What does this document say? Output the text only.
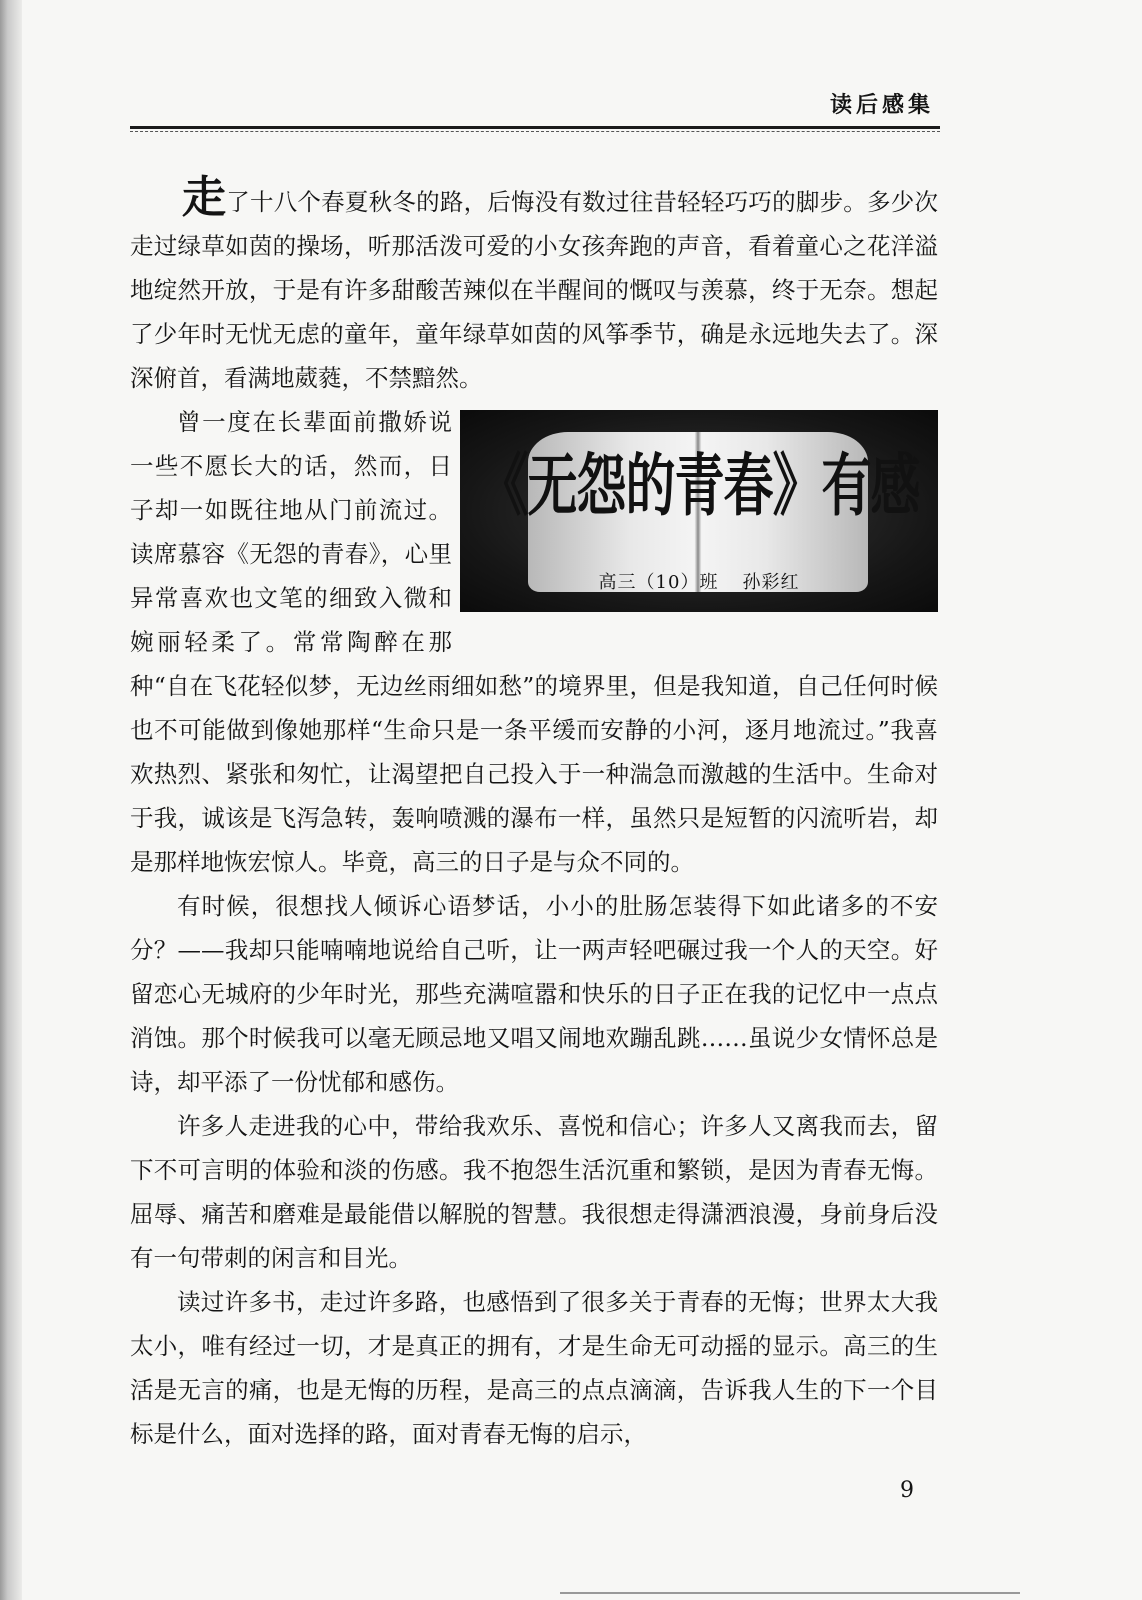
读后感集

走了十八个春夏秋冬的路，后悔没有数过往昔轻轻巧巧的脚步。多少次走过绿草如茵的操场，听那活泼可爱的小女孩奔跑的声音，看着童心之花洋溢地绽然开放，于是有许多甜酸苦辣似在半醒间的慨叹与羡慕，终于无奈。想起了少年时无忧无虑的童年，童年绿草如茵的风筝季节，确是永远地失去了。深深俯首，看满地葳蕤，不禁黯然。

《无怨的青春》有感
高三（10）班 孙彩红

曾一度在长辈面前撒娇说一些不愿长大的话，然而，日子却一如既往地从门前流过。读席慕容《无怨的青春》，心里异常喜欢也文笔的细致入微和婉丽轻柔了。常常陶醉在那种“自在飞花轻似梦，无边丝雨细如愁”的境界里，但是我知道，自己任何时候也不可能做到像她那样“生命只是一条平缓而安静的小河，逐月地流过。”我喜欢热烈、紧张和匆忙，让渴望把自己投入于一种湍急而激越的生活中。生命对于我，诚该是飞泻急转，轰响喷溅的瀑布一样，虽然只是短暂的闪流听岩，却是那样地恢宏惊人。毕竟，高三的日子是与众不同的。

有时候，很想找人倾诉心语梦话，小小的肚肠怎装得下如此诸多的不安分？——我却只能喃喃地说给自己听，让一两声轻吧碾过我一个人的天空。好留恋心无城府的少年时光，那些充满喧嚣和快乐的日子正在我的记忆中一点点消蚀。那个时候我可以毫无顾忌地又唱又闹地欢蹦乱跳……虽说少女情怀总是诗，却平添了一份忧郁和感伤。

许多人走进我的心中，带给我欢乐、喜悦和信心；许多人又离我而去，留下不可言明的体验和淡的伤感。我不抱怨生活沉重和繁锁，是因为青春无悔。屈辱、痛苦和磨难是最能借以解脱的智慧。我很想走得潇洒浪漫，身前身后没有一句带刺的闲言和目光。

读过许多书，走过许多路，也感悟到了很多关于青春的无悔；世界太大我太小，唯有经过一切，才是真正的拥有，才是生命无可动摇的显示。高三的生活是无言的痛，也是无悔的历程，是高三的点点滴滴，告诉我人生的下一个目标是什么，面对选择的路，面对青春无悔的启示，

9
